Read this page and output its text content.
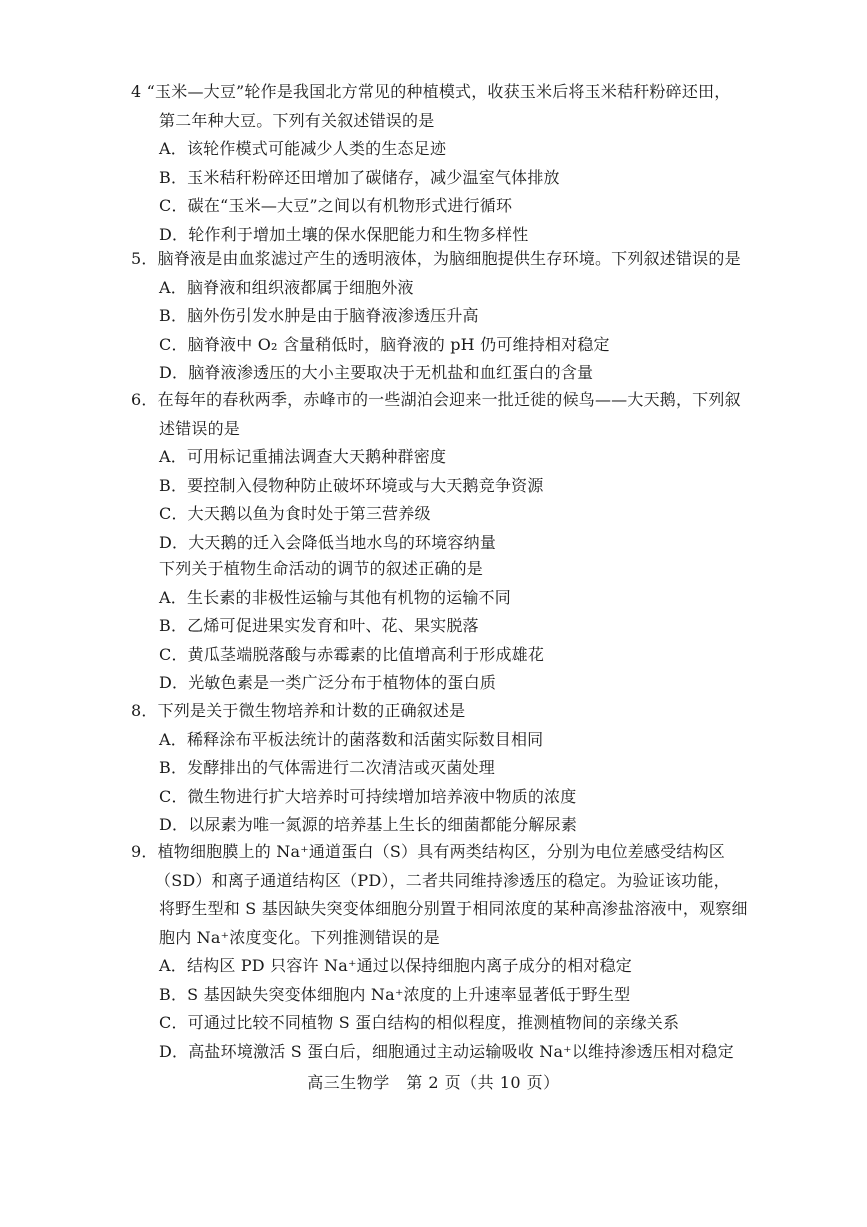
4 “玉米—大豆”轮作是我国北方常见的种植模式，收获玉米后将玉米秸秆粉碎还田，
第二年种大豆。下列有关叙述错误的是
A．该轮作模式可能减少人类的生态足迹
B．玉米秸秆粉碎还田增加了碳储存，减少温室气体排放
C．碳在“玉米—大豆”之间以有机物形式进行循环
D．轮作利于增加土壤的保水保肥能力和生物多样性
5．脑脊液是由血浆滤过产生的透明液体，为脑细胞提供生存环境。下列叙述错误的是
A．脑脊液和组织液都属于细胞外液
B．脑外伤引发水肿是由于脑脊液渗透压升高
C．脑脊液中 O₂ 含量稍低时，脑脊液的 pH 仍可维持相对稳定
D．脑脊液渗透压的大小主要取决于无机盐和血红蛋白的含量
6．在每年的春秋两季，赤峰市的一些湖泊会迎来一批迁徙的候鸟——大天鹅，下列叙
述错误的是
A．可用标记重捕法调查大天鹅种群密度
B．要控制入侵物种防止破坏环境或与大天鹅竞争资源
C．大天鹅以鱼为食时处于第三营养级
D．大天鹅的迁入会降低当地水鸟的环境容纳量
下列关于植物生命活动的调节的叙述正确的是
A．生长素的非极性运输与其他有机物的运输不同
B．乙烯可促进果实发育和叶、花、果实脱落
C．黄瓜茎端脱落酸与赤霉素的比值增高利于形成雄花
D．光敏色素是一类广泛分布于植物体的蛋白质
8．下列是关于微生物培养和计数的正确叙述是
A．稀释涂布平板法统计的菌落数和活菌实际数目相同
B．发酵排出的气体需进行二次清洁或灭菌处理
C．微生物进行扩大培养时可持续增加培养液中物质的浓度
D．以尿素为唯一氮源的培养基上生长的细菌都能分解尿素
9．植物细胞膜上的 Na⁺通道蛋白（S）具有两类结构区，分别为电位差感受结构区
（SD）和离子通道结构区（PD），二者共同维持渗透压的稳定。为验证该功能，
将野生型和 S 基因缺失突变体细胞分别置于相同浓度的某种高渗盐溶液中，观察细
胞内 Na⁺浓度变化。下列推测错误的是
A．结构区 PD 只容许 Na⁺通过以保持细胞内离子成分的相对稳定
B．S 基因缺失突变体细胞内 Na⁺浓度的上升速率显著低于野生型
C．可通过比较不同植物 S 蛋白结构的相似程度，推测植物间的亲缘关系
D．高盐环境激活 S 蛋白后，细胞通过主动运输吸收 Na⁺以维持渗透压相对稳定
高三生物学　第 2 页（共 10 页）
